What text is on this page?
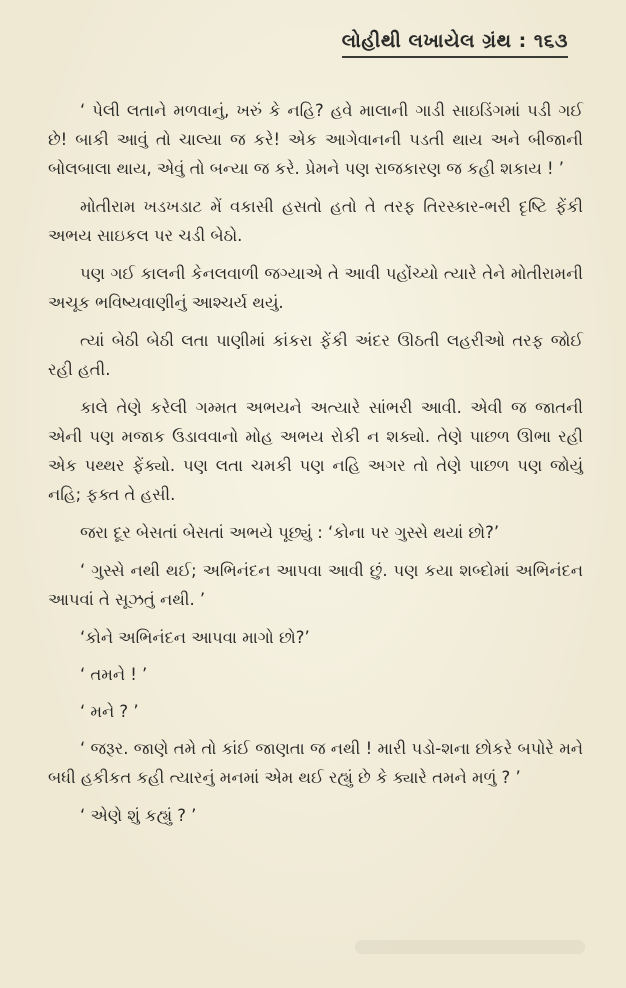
લોહીથી લખાયેલ ગ્રંથ : ૧૬૩

‘ પેલી લતાને મળવાનું, ખરું કે નહિ? હવે માલાની ગાડી સાઇડિંગમાં પડી ગઈ છે! બાકી આવું તો ચાલ્યા જ કરે! એક આગેવાનની પડતી થાય અને બીજાની બોલબાલા થાય, એવું તો બન્યા જ કરે. પ્રેમને પણ રાજકારણ જ કહી શકાય ! ’

મોતીરામ ખડખડાટ મેં વકાસી હસતો હતો તે તરફ તિરસ્કાર-ભરી દૃષ્ટિ ફેંકી અભય સાઇકલ પર ચડી બેઠો.

પણ ગઈ કાલની કેનલવાળી જગ્યાએ તે આવી પહોંચ્યો ત્યારે તેને મોતીરામની અચૂક ભવિષ્યવાણીનું આશ્ચર્ય થયું.

ત્યાં બેઠી બેઠી લતા પાણીમાં કાંકરા ફેંકી અંદર ઊઠતી લહરીઓ તરફ જોઈ રહી હતી.

કાલે તેણે કરેલી ગમ્મત અભયને અત્યારે સાંભરી આવી. એવી જ જાતની એની પણ મજાક ઉડાવવાનો મોહ અભય રોકી ન શક્યો. તેણે પાછળ ઊભા રહી એક પથ્થર ફેંક્યો. પણ લતા ચમકી પણ નહિ અગર તો તેણે પાછળ પણ જોયું નહિ; ફક્ત તે હસી.

જરા દૂર બેસતાં બેસતાં અભયે પૂછ્યું : ‘કોના પર ગુસ્સે થયાં છો?’

‘ ગુસ્સે નથી થઈ; અભિનંદન આપવા આવી છું. પણ કયા શબ્દોમાં અભિનંદન આપવાં તે સૂઝતું નથી. ’

‘કોને અભિનંદન આપવા માગો છો?’

‘ તમને ! ’

‘ મને ? ’

‘ જરૂર. જાણે તમે તો કાંઈ જાણતા જ નથી ! મારી પડો-શના છોકરે બપોરે મને બધી હકીકત કહી ત્યારનું મનમાં એમ થઈ રહ્યું છે કે ક્યારે તમને મળું ? ’

‘ એણે શું કહ્યું ? ’
